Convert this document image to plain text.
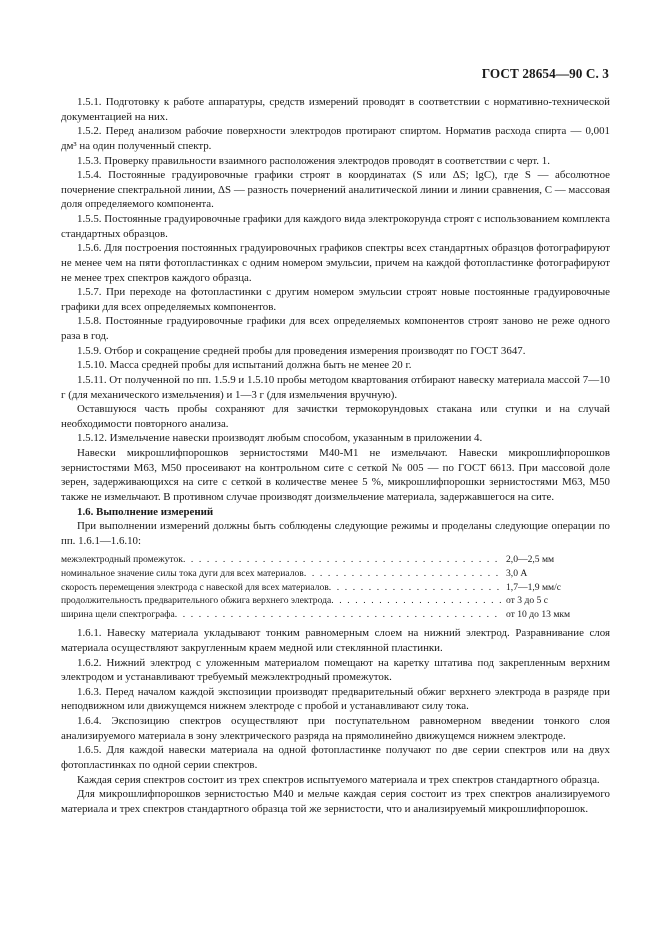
ГОСТ 28654—90 С. 3

1.5.1. Подготовку к работе аппаратуры, средств измерений проводят в соответствии с нормативно-технической документацией на них.

1.5.2. Перед анализом рабочие поверхности электродов протирают спиртом. Норматив расхода спирта — 0,001 дм³ на один полученный спектр.

1.5.3. Проверку правильности взаимного расположения электродов проводят в соответствии с черт. 1.

1.5.4. Постоянные градуировочные графики строят в координатах (S или ΔS; lgC), где S — абсолютное почернение спектральной линии, ΔS — разность почернений аналитической линии и линии сравнения, C — массовая доля определяемого компонента.

1.5.5. Постоянные градуировочные графики для каждого вида электрокорунда строят с использованием комплекта стандартных образцов.

1.5.6. Для построения постоянных градуировочных графиков спектры всех стандартных образцов фотографируют не менее чем на пяти фотопластинках с одним номером эмульсии, причем на каждой фотопластинке фотографируют не менее трех спектров каждого образца.

1.5.7. При переходе на фотопластинки с другим номером эмульсии строят новые постоянные градуировочные графики для всех определяемых компонентов.

1.5.8. Постоянные градуировочные графики для всех определяемых компонентов строят заново не реже одного раза в год.

1.5.9. Отбор и сокращение средней пробы для проведения измерения производят по ГОСТ 3647.

1.5.10. Масса средней пробы для испытаний должна быть не менее 20 г.

1.5.11. От полученной по пп. 1.5.9 и 1.5.10 пробы методом квартования отбирают навеску материала массой 7—10 г (для механического измельчения) и 1—3 г (для измельчения вручную).

Оставшуюся часть пробы сохраняют для зачистки термокорундовых стакана или ступки и на случай необходимости повторного анализа.

1.5.12. Измельчение навески производят любым способом, указанным в приложении 4.

Навески микрошлифпорошков зернистостями М40-М1 не измельчают. Навески микрошлифпорошков зернистостями М63, М50 просеивают на контрольном сите с сеткой № 005 — по ГОСТ 6613. При массовой доле зерен, задерживающихся на сите с сеткой в количестве менее 5 %, микрошлифпорошки зернистостями М63, М50 также не измельчают. В противном случае производят доизмельчение материала, задержавшегося на сите.

1.6. Выполнение измерений

При выполнении измерений должны быть соблюдены следующие режимы и проделаны следующие операции по пп. 1.6.1—1.6.10:

межэлектродный промежуток . . .	2,0—2,5 мм
номинальное значение силы тока дуги для всех материалов . . .	3,0 А
скорость перемещения электрода с навеской для всех материалов . . .	1,7—1,9 мм/с
продолжительность предварительного обжига верхнего электрода . . .	от 3 до 5 с
ширина щели спектрографа . . .	от 10 до 13 мкм

1.6.1. Навеску материала укладывают тонким равномерным слоем на нижний электрод. Разравнивание слоя материала осуществляют закругленным краем медной или стеклянной пластинки.

1.6.2. Нижний электрод с уложенным материалом помещают на каретку штатива под закрепленным верхним электродом и устанавливают требуемый межэлектродный промежуток.

1.6.3. Перед началом каждой экспозиции производят предварительный обжиг верхнего электрода в разряде при неподвижном или движущемся нижнем электроде с пробой и устанавливают силу тока.

1.6.4. Экспозицию спектров осуществляют при поступательном равномерном введении тонкого слоя анализируемого материала в зону электрического разряда на прямолинейно движущемся нижнем электроде.

1.6.5. Для каждой навески материала на одной фотопластинке получают по две серии спектров или на двух фотопластинках по одной серии спектров.

Каждая серия спектров состоит из трех спектров испытуемого материала и трех спектров стандартного образца.

Для микрошлифпорошков зернистостью М40 и мельче каждая серия состоит из трех спектров анализируемого материала и трех спектров стандартного образца той же зернистости, что и анализируемый микрошлифпорошок.
